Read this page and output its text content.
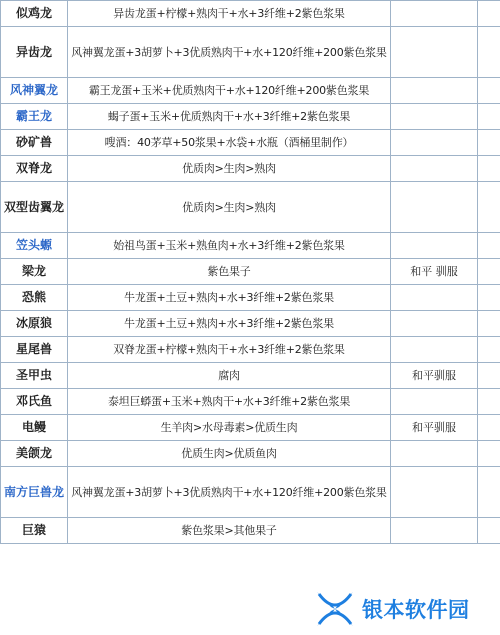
似鸡龙	异齿龙蛋+柠檬+熟肉干+水+3纤维+2紫色浆果		
异齿龙	风神翼龙蛋+3胡萝卜+3优质熟肉干+水+120纤维+200紫色浆果		
风神翼龙	霸王龙蛋+玉米+优质熟肉干+水+120纤维+200紫色浆果		
霸王龙	蝎子蛋+玉米+优质熟肉干+水+3纤维+2紫色浆果		
砂矿兽	嗖酒：40茅草+50浆果+水袋+水瓶（酒桶里制作）		
双脊龙	优质肉>生肉>熟肉		
双型齿翼龙	优质肉>生肉>熟肉		
笠头螈	始祖鸟蛋+玉米+熟鱼肉+水+3纤维+2紫色浆果		
梁龙	紫色果子	和平 驯服	
恐熊	牛龙蛋+土豆+熟肉+水+3纤维+2紫色浆果		
冰原狼	牛龙蛋+土豆+熟肉+水+3纤维+2紫色浆果		
星尾兽	双脊龙蛋+柠檬+熟肉干+水+3纤维+2紫色浆果		
圣甲虫	腐肉	和平驯服	
邓氏鱼	泰坦巨蟒蛋+玉米+熟肉干+水+3纤维+2紫色浆果		
电鳗	生羊肉>水母毒素>优质生肉	和平驯服	
美颌龙	优质生肉>优质鱼肉		
南方巨兽龙	风神翼龙蛋+3胡萝卜+3优质熟肉干+水+120纤维+200紫色浆果		
巨猿	紫色浆果>其他果子		
银本软件园
